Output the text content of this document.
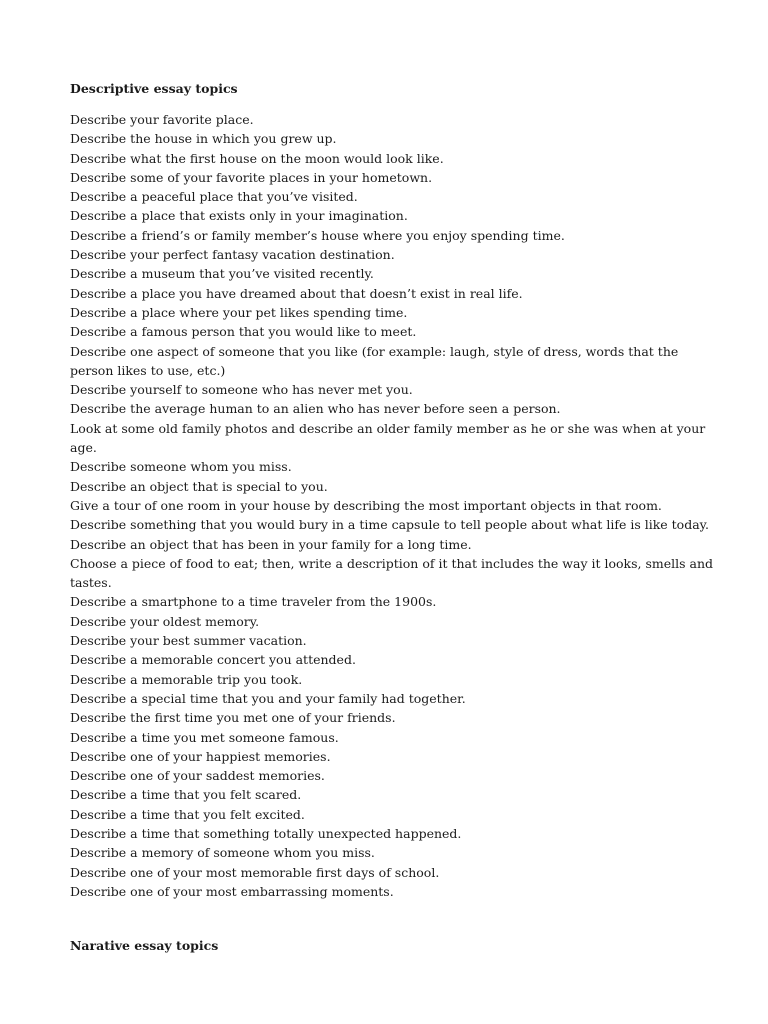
Descriptive essay topics
Describe your favorite place.
Describe the house in which you grew up.
Describe what the first house on the moon would look like.
Describe some of your favorite places in your hometown.
Describe a peaceful place that you’ve visited.
Describe a place that exists only in your imagination.
Describe a friend’s or family member’s house where you enjoy spending time.
Describe your perfect fantasy vacation destination.
Describe a museum that you’ve visited recently.
Describe a place you have dreamed about that doesn’t exist in real life.
Describe a place where your pet likes spending time.
Describe a famous person that you would like to meet.
Describe one aspect of someone that you like (for example: laugh, style of dress, words that the person likes to use, etc.)
Describe yourself to someone who has never met you.
Describe the average human to an alien who has never before seen a person.
Look at some old family photos and describe an older family member as he or she was when at your age.
Describe someone whom you miss.
Describe an object that is special to you.
Give a tour of one room in your house by describing the most important objects in that room.
Describe something that you would bury in a time capsule to tell people about what life is like today.
Describe an object that has been in your family for a long time.
Choose a piece of food to eat; then, write a description of it that includes the way it looks, smells and tastes.
Describe a smartphone to a time traveler from the 1900s.
Describe your oldest memory.
Describe your best summer vacation.
Describe a memorable concert you attended.
Describe a memorable trip you took.
Describe a special time that you and your family had together.
Describe the first time you met one of your friends.
Describe a time you met someone famous.
Describe one of your happiest memories.
Describe one of your saddest memories.
Describe a time that you felt scared.
Describe a time that you felt excited.
Describe a time that something totally unexpected happened.
Describe a memory of someone whom you miss.
Describe one of your most memorable first days of school.
Describe one of your most embarrassing moments.
Narative essay topics
